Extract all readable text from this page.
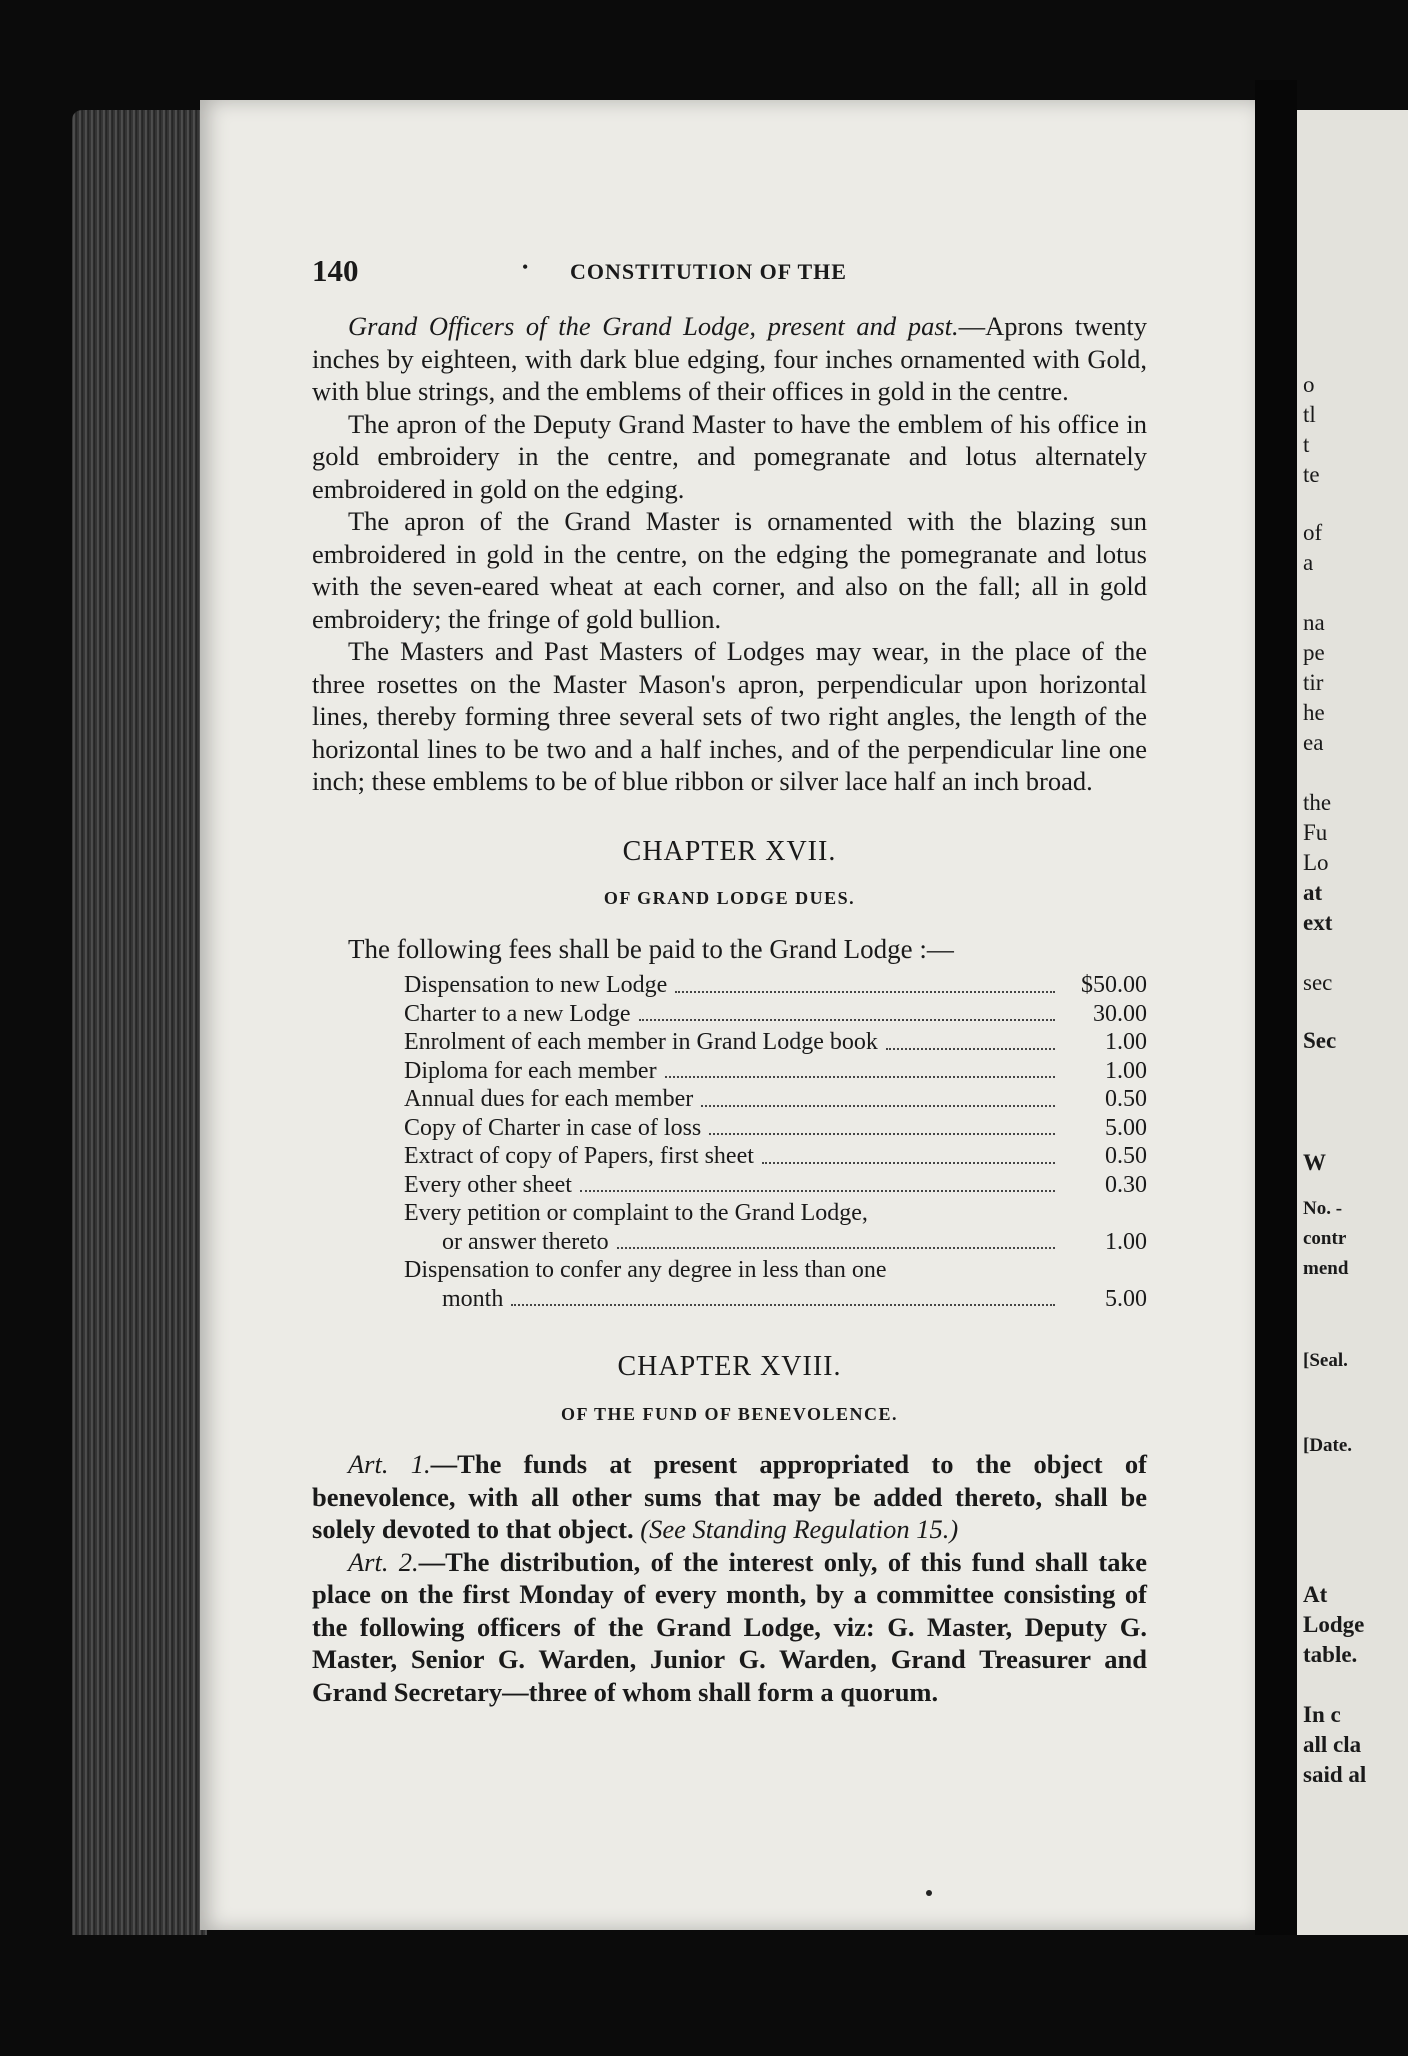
o
tl
t
te
of
a
na
pe
tir
he
ea
the
Fu
Lo
at
ext
sec
Sec
W
No. -
contr
mend
[Seal.
[Date.
At
Lodge
table.
In c
all cla
said al
140	• CONSTITUTION OF THE

Grand Officers of the Grand Lodge, present and past.—Aprons twenty inches by eighteen, with dark blue edging, four inches ornamented with Gold, with blue strings, and the emblems of their offices in gold in the centre.

The apron of the Deputy Grand Master to have the emblem of his office in gold embroidery in the centre, and pomegranate and lotus alternately embroidered in gold on the edging.

The apron of the Grand Master is ornamented with the blazing sun embroidered in gold in the centre, on the edging the pomegranate and lotus with the seven-eared wheat at each corner, and also on the fall; all in gold embroidery; the fringe of gold bullion.

The Masters and Past Masters of Lodges may wear, in the place of the three rosettes on the Master Mason's apron, perpendicular upon horizontal lines, thereby forming three several sets of two right angles, the length of the horizontal lines to be two and a half inches, and of the perpendicular line one inch; these emblems to be of blue ribbon or silver lace half an inch broad.

CHAPTER XVII.
OF GRAND LODGE DUES.

The following fees shall be paid to the Grand Lodge :—

Dispensation to new Lodge	$50.00
Charter to a new Lodge	30.00
Enrolment of each member in Grand Lodge book	1.00
Diploma for each member	1.00
Annual dues for each member	0.50
Copy of Charter in case of loss	5.00
Extract of copy of Papers, first sheet	0.50
Every other sheet	0.30
Every petition or complaint to the Grand Lodge,
or answer thereto	1.00
Dispensation to confer any degree in less than one
month	5.00
CHAPTER XVIII.
OF THE FUND OF BENEVOLENCE.

Art. 1.—The funds at present appropriated to the object of benevolence, with all other sums that may be added thereto, shall be solely devoted to that object. (See Standing Regulation 15.)

Art. 2.—The distribution, of the interest only, of this fund shall take place on the first Monday of every month, by a committee consisting of the following officers of the Grand Lodge, viz: G. Master, Deputy G. Master, Senior G. Warden, Junior G. Warden, Grand Treasurer and Grand Secretary—three of whom shall form a quorum.
